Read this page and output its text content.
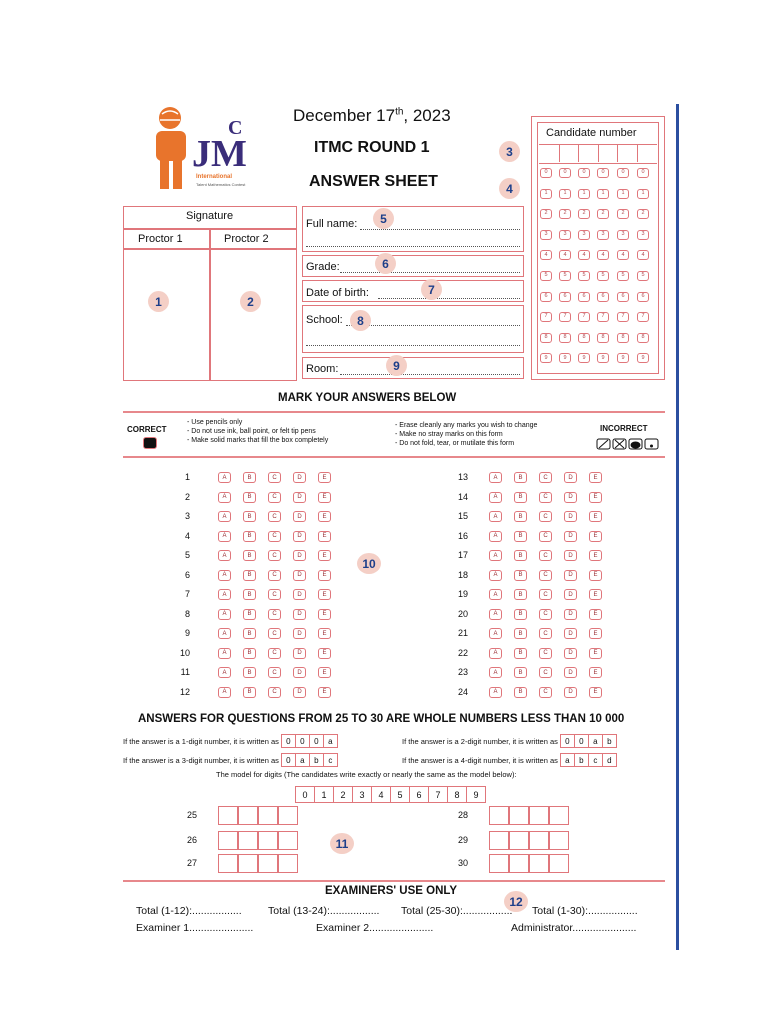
JM
C
International
Talent Mathematics Contest
December 17th, 2023
ITMC ROUND 1
ANSWER SHEET
Candidate number
0	0	0	0	0	0
1	1	1	1	1	1
2	2	2	2	2	2
3	3	3	3	3	3
4	4	4	4	4	4
5	5	5	5	5	5
6	6	6	6	6	6
7	7	7	7	7	7
8	8	8	8	8	8
9	9	9	9	9	9
Signature
Proctor 1	Proctor 2
Full name:
Grade:
Date of birth:
School:
Room:
1	2
3
4
5
6
7
8
9
10
11
12
MARK YOUR ANSWERS BELOW
CORRECT
- Use pencils only
- Do not use ink, ball point, or felt tip pens
- Make solid marks that fill the box completely
- Erase cleanly any marks you wish to change
- Make no stray marks on this form
- Do not fold, tear, or mutilate this form
INCORRECT
1	A	B	C	D	E	13	A	B	C	D	E
2	A	B	C	D	E	14	A	B	C	D	E
3	A	B	C	D	E	15	A	B	C	D	E
4	A	B	C	D	E	16	A	B	C	D	E
5	A	B	C	D	E	17	A	B	C	D	E
6	A	B	C	D	E	18	A	B	C	D	E
7	A	B	C	D	E	19	A	B	C	D	E
8	A	B	C	D	E	20	A	B	C	D	E
9	A	B	C	D	E	21	A	B	C	D	E
10	A	B	C	D	E	22	A	B	C	D	E
11	A	B	C	D	E	23	A	B	C	D	E
12	A	B	C	D	E	24	A	B	C	D	E
ANSWERS FOR QUESTIONS FROM 25 TO 30 ARE WHOLE NUMBERS LESS THAN 10 000
If the answer is a 1-digit number, it is written as 0	0	0	a	If the answer is a 2-digit number, it is written as 0	0	a	b
If the answer is a 3-digit number, it is written as 0	a	b	c	If the answer is a 4-digit number, it is written as a	b	c	d
The model for digits (The candidates write exactly or nearly the same as the model below):
0	1	2	3	4	5	6	7	8	9
25	28
26	29
27	30
EXAMINERS' USE ONLY
Total (1-12):.................	Total (13-24):................. Total (25-30):................. Total (1-30):.................
Examiner 1......................	Examiner 2......................	Administrator......................
